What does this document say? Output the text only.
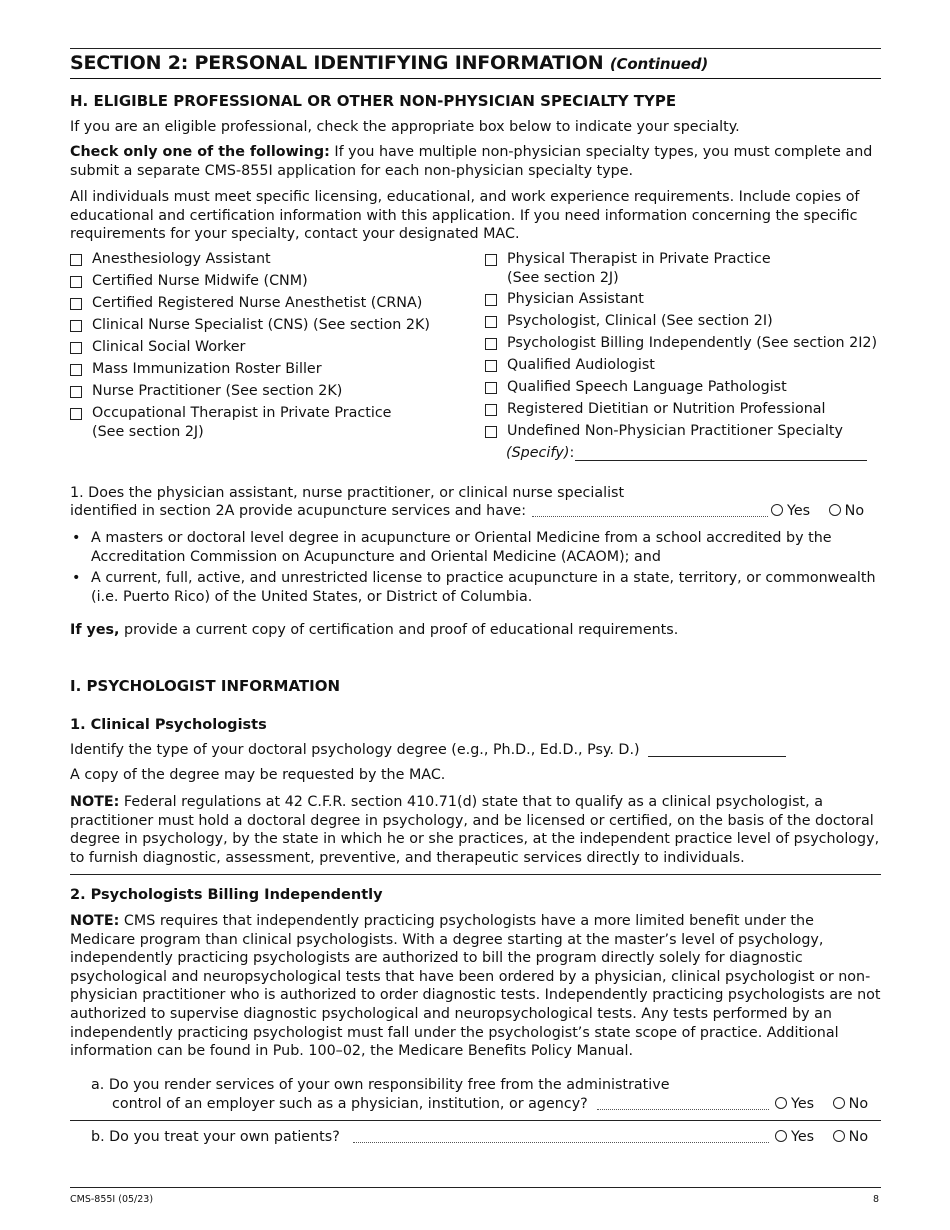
SECTION 2: PERSONAL IDENTIFYING INFORMATION (Continued)
H. ELIGIBLE PROFESSIONAL OR OTHER NON-PHYSICIAN SPECIALTY TYPE

If you are an eligible professional, check the appropriate box below to indicate your specialty.

Check only one of the following: If you have multiple non-physician specialty types, you must complete and submit a separate CMS-855I application for each non-physician specialty type.

All individuals must meet specific licensing, educational, and work experience requirements. Include copies of educational and certification information with this application. If you need information concerning the specific requirements for your specialty, contact your designated MAC.

Anesthesiology Assistant
Certified Nurse Midwife (CNM)
Certified Registered Nurse Anesthetist (CRNA)
Clinical Nurse Specialist (CNS) (See section 2K)
Clinical Social Worker
Mass Immunization Roster Biller
Nurse Practitioner (See section 2K)
Occupational Therapist in Private Practice
(See section 2J)
Physical Therapist in Private Practice
(See section 2J)
Physician Assistant
Psychologist, Clinical (See section 2I)
Psychologist Billing Independently (See section 2I2)
Qualified Audiologist
Qualified Speech Language Pathologist
Registered Dietitian or Nutrition Professional
Undefined Non-Physician Practitioner Specialty
(Specify):
1. Does the physician assistant, nurse practitioner, or clinical nurse specialist
identified in section 2A provide acupuncture services and have:	Yes No
• A masters or doctoral level degree in acupuncture or Oriental Medicine from a school accredited by the Accreditation Commission on Acupuncture and Oriental Medicine (ACAOM); and
• A current, full, active, and unrestricted license to practice acupuncture in a state, territory, or commonwealth (i.e. Puerto Rico) of the United States, or District of Columbia.

If yes, provide a current copy of certification and proof of educational requirements.

I. PSYCHOLOGIST INFORMATION
1. Clinical Psychologists
Identify the type of your doctoral psychology degree (e.g., Ph.D., Ed.D., Psy. D.)
A copy of the degree may be requested by the MAC.

NOTE: Federal regulations at 42 C.F.R. section 410.71(d) state that to qualify as a clinical psychologist, a practitioner must hold a doctoral degree in psychology, and be licensed or certified, on the basis of the doctoral degree in psychology, by the state in which he or she practices, at the independent practice level of psychology, to furnish diagnostic, assessment, preventive, and therapeutic services directly to individuals.

2. Psychologists Billing Independently

NOTE: CMS requires that independently practicing psychologists have a more limited benefit under the Medicare program than clinical psychologists. With a degree starting at the master’s level of psychology, independently practicing psychologists are authorized to bill the program directly solely for diagnostic psychological and neuropsychological tests that have been ordered by a physician, clinical psychologist or non-physician practitioner who is authorized to order diagnostic tests. Independently practicing psychologists are not authorized to supervise diagnostic psychological and neuropsychological tests. Any tests performed by an independently practicing psychologist must fall under the psychologist’s state scope of practice. Additional information can be found in Pub. 100–02, the Medicare Benefits Policy Manual.

a. Do you render services of your own responsibility free from the administrative
control of an employer such as a physician, institution, or agency?	Yes No
b. Do you treat your own patients?	Yes No
CMS-855I (05/23)	8
